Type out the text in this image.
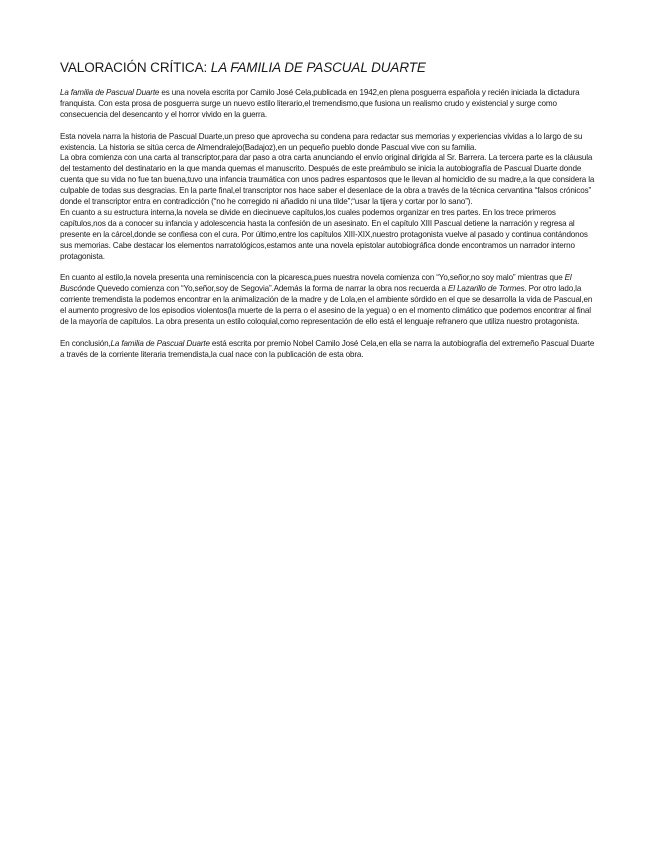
VALORACIÓN CRÍTICA: LA FAMILIA DE PASCUAL DUARTE

La familia de Pascual Duarte es una novela escrita por Camilo José Cela,publicada en 1942,en plena posguerra española y recién iniciada la dictadura franquista. Con esta prosa de posguerra surge un nuevo estilo literario,el tremendismo,que fusiona un realismo crudo y existencial y surge como consecuencia del desencanto y el horror vivido en la guerra.

Esta novela narra la historia de Pascual Duarte,un preso que aprovecha su condena para redactar sus memorias y experiencias vividas a lo largo de su existencia. La historia se sitúa cerca de Almendralejo(Badajoz),en un pequeño pueblo donde Pascual vive con su familia.

La obra comienza con una carta al transcriptor,para dar paso a otra carta anunciando el envío original dirigida al Sr. Barrera. La tercera parte es la cláusula del testamento del destinatario en la que manda quemas el manuscrito. Después de este preámbulo se inicia la autobiografía de Pascual Duarte donde cuenta que su vida no fue tan buena,tuvo una infancia traumática con unos padres espantosos que le llevan al homicidio de su madre,a la que considera la culpable de todas sus desgracias. En la parte final,el transcriptor nos hace saber el desenlace de la obra a través de la técnica cervantina “falsos crónicos” donde el transcriptor entra en contradicción (“no he corregido ni añadido ni una tilde”;“usar la tijera y cortar por lo sano”).

En cuanto a su estructura interna,la novela se divide en diecinueve capítulos,los cuales podemos organizar en tres partes. En los trece primeros capítulos,nos da a conocer su infancia y adolescencia hasta la confesión de un asesinato. En el capítulo XIII Pascual detiene la narración y regresa al presente en la cárcel,donde se confiesa con el cura. Por último,entre los capítulos XIII-XIX,nuestro protagonista vuelve al pasado y continua contándonos sus memorias. Cabe destacar los elementos narratológicos,estamos ante una novela epistolar autobiográfica donde encontramos un narrador interno protagonista.

En cuanto al estilo,la novela presenta una reminiscencia con la picaresca,pues nuestra novela comienza con “Yo,señor,no soy malo” mientras que El Buscónde Quevedo comienza con “Yo,señor,soy de Segovia”.Además la forma de narrar la obra nos recuerda a El Lazarillo de Tormes. Por otro lado,la corriente tremendista la podemos encontrar en la animalización de la madre y de Lola,en el ambiente sórdido en el que se desarrolla la vida de Pascual,en el aumento progresivo de los episodios violentos(la muerte de la perra o el asesino de la yegua) o en el momento climático que podemos encontrar al final de la mayoría de capítulos. La obra presenta un estilo coloquial,como representación de ello está el lenguaje refranero que utiliza nuestro protagonista.

En conclusión,La familia de Pascual Duarte está escrita por premio Nobel Camilo José Cela,en ella se narra la autobiografía del extremeño Pascual Duarte a través de la corriente literaria tremendista,la cual nace con la publicación de esta obra.
